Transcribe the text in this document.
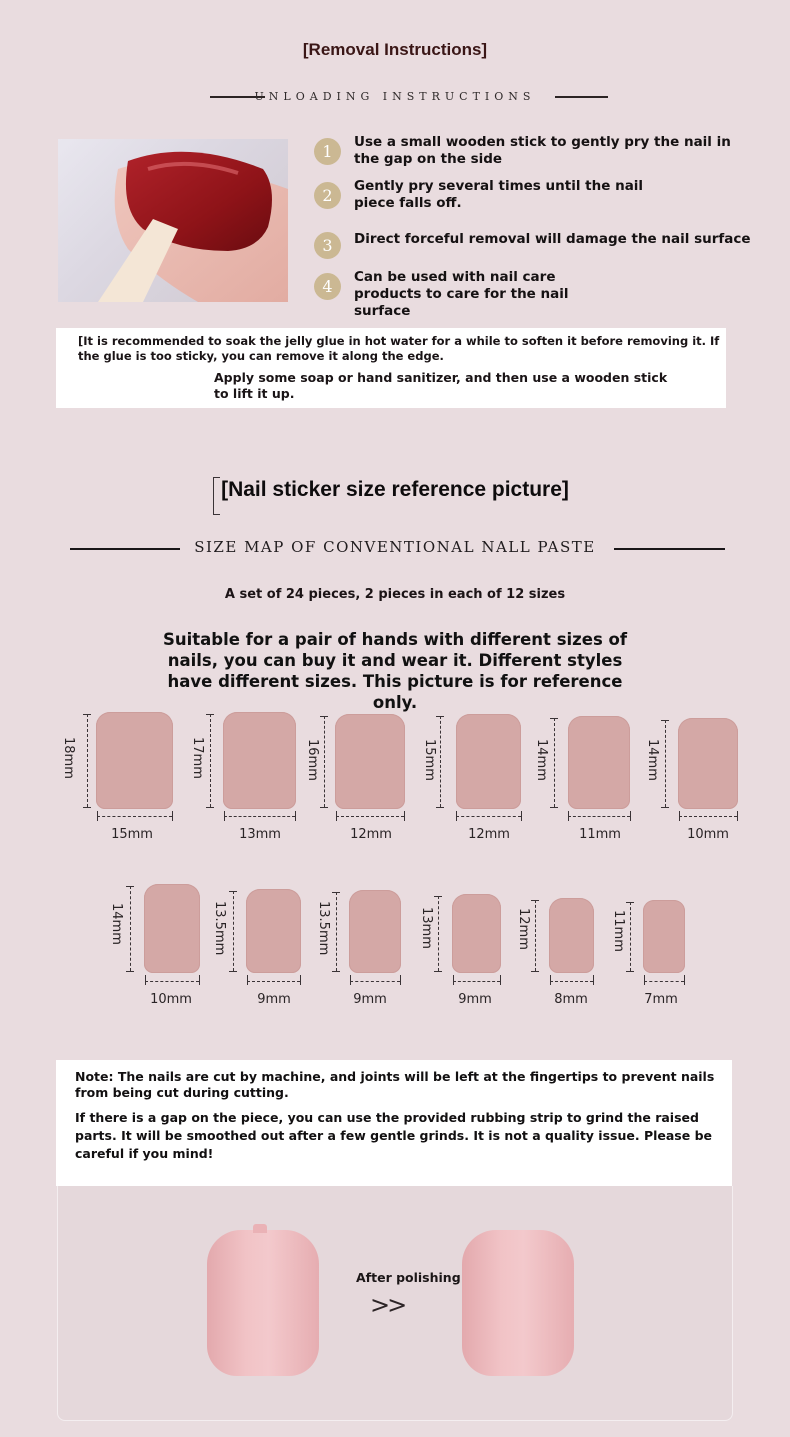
[Removal Instructions]
UNLOADING INSTRUCTIONS
1	Use a small wooden stick to gently pry the nail in the gap on the side
2	Gently pry several times until the nail piece falls off.
3	Direct forceful removal will damage the nail surface
4	Can be used with nail care products to care for the nail surface
[It is recommended to soak the jelly glue in hot water for a while to soften it before removing it. If the glue is too sticky, you can remove it along the edge.
Apply some soap or hand sanitizer, and then use a wooden stick to lift it up.
[Nail sticker size reference picture]
SIZE MAP OF CONVENTIONAL NALL PASTE
A set of 24 pieces, 2 pieces in each of 12 sizes
Suitable for a pair of hands with different sizes of nails, you can buy it and wear it. Different styles have different sizes. This picture is for reference only.
18mm
15mm
17mm
13mm
16mm
12mm
15mm
12mm
14mm
11mm
14mm
10mm
14mm
10mm
13.5mm
9mm
13.5mm
9mm
13mm
9mm
12mm
8mm
11mm
7mm
Note: The nails are cut by machine, and joints will be left at the fingertips to prevent nails from being cut during cutting.
If there is a gap on the piece, you can use the provided rubbing strip to grind the raised parts. It will be smoothed out after a few gentle grinds. It is not a quality issue. Please be careful if you mind!
After polishing
>>
